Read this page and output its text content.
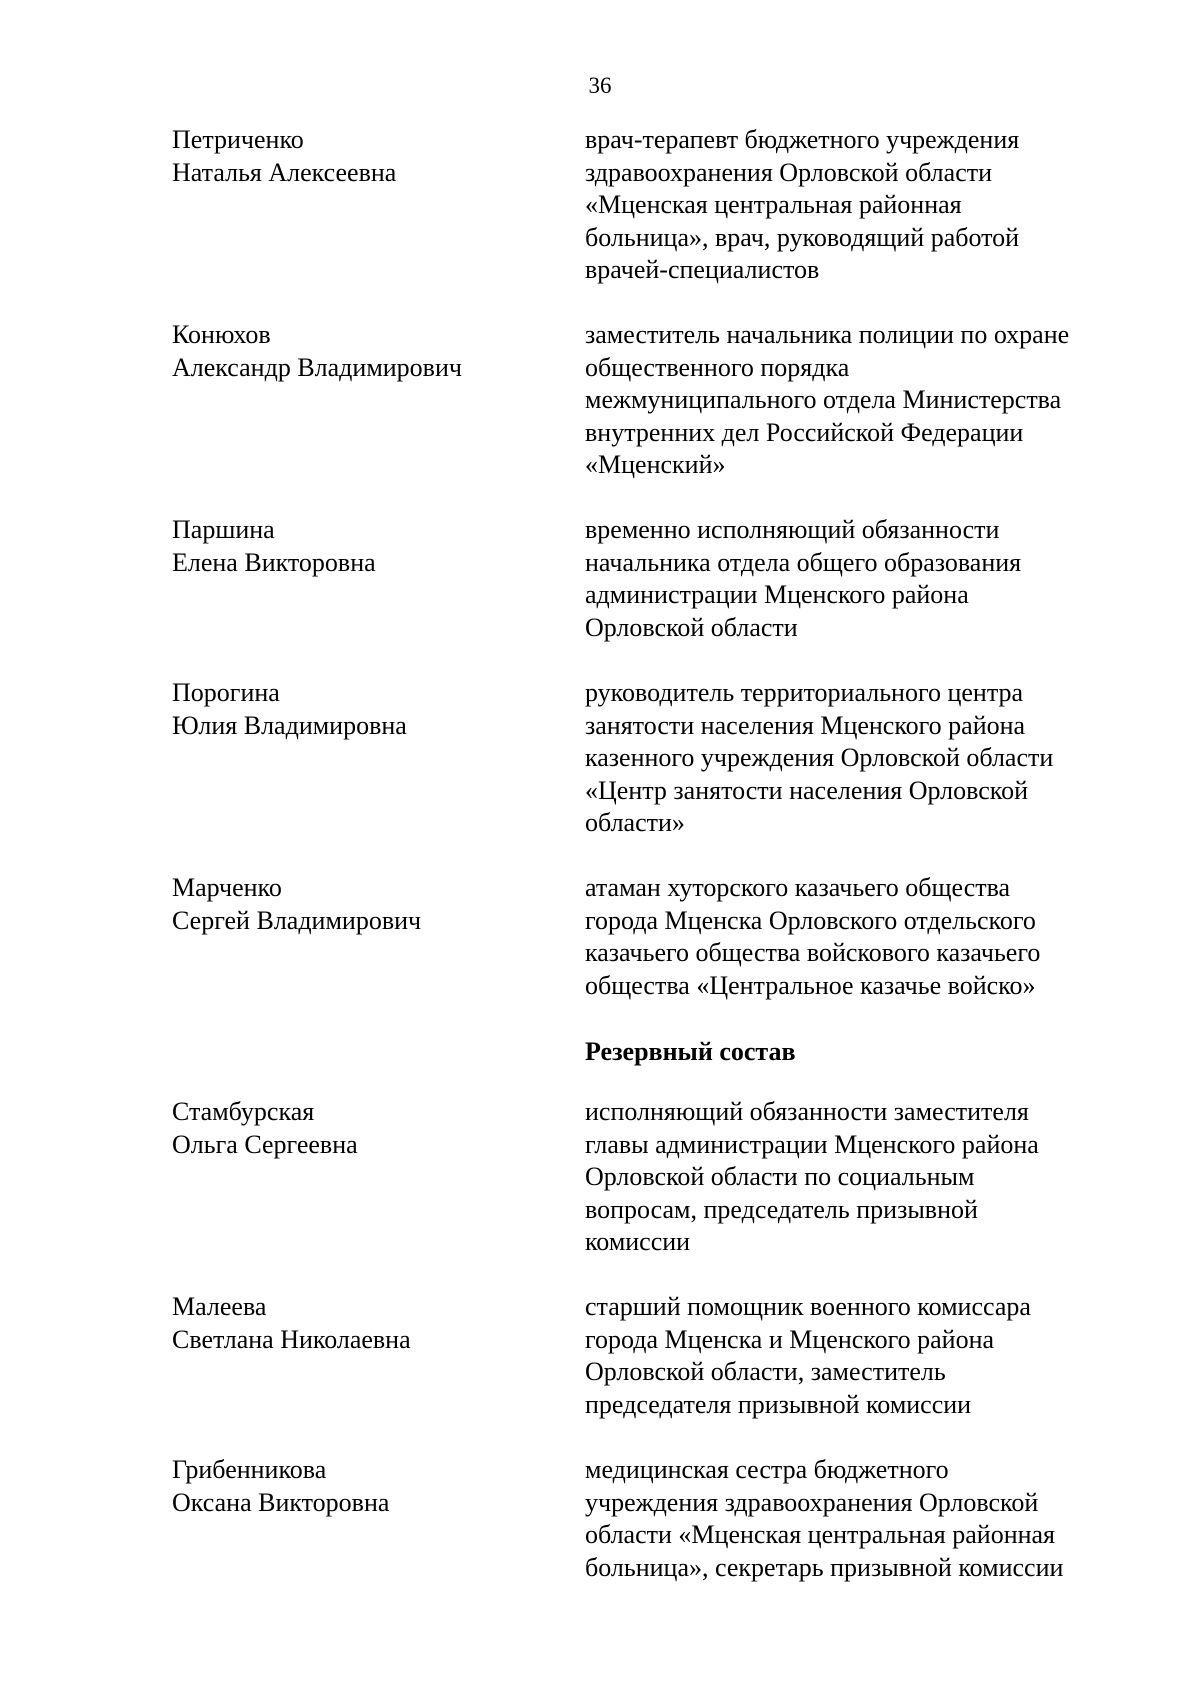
36
Петриченко
Наталья Алексеевна
врач-терапевт бюджетного учреждения
здравоохранения Орловской области
«Мценская центральная районная
больница», врач, руководящий работой
врачей-специалистов
Конюхов
Александр Владимирович
заместитель начальника полиции по охране
общественного порядка
межмуниципального отдела Министерства
внутренних дел Российской Федерации
«Мценский»
Паршина
Елена Викторовна
временно исполняющий обязанности
начальника отдела общего образования
администрации Мценского района
Орловской области
Порогина
Юлия Владимировна
руководитель территориального центра
занятости населения Мценского района
казенного учреждения Орловской области
«Центр занятости населения Орловской
области»
Марченко
Сергей Владимирович
атаман хуторского казачьего общества
города Мценска Орловского отдельского
казачьего общества войскового казачьего
общества «Центральное казачье войско»
Резервный состав
Стамбурская
Ольга Сергеевна
исполняющий обязанности заместителя
главы администрации Мценского района
Орловской области по социальным
вопросам, председатель призывной
комиссии
Малеева
Светлана Николаевна
старший помощник военного комиссара
города Мценска и Мценского района
Орловской области, заместитель
председателя призывной комиссии
Грибенникова
Оксана Викторовна
медицинская сестра бюджетного
учреждения здравоохранения Орловской
области «Мценская центральная районная
больница», секретарь призывной комиссии
